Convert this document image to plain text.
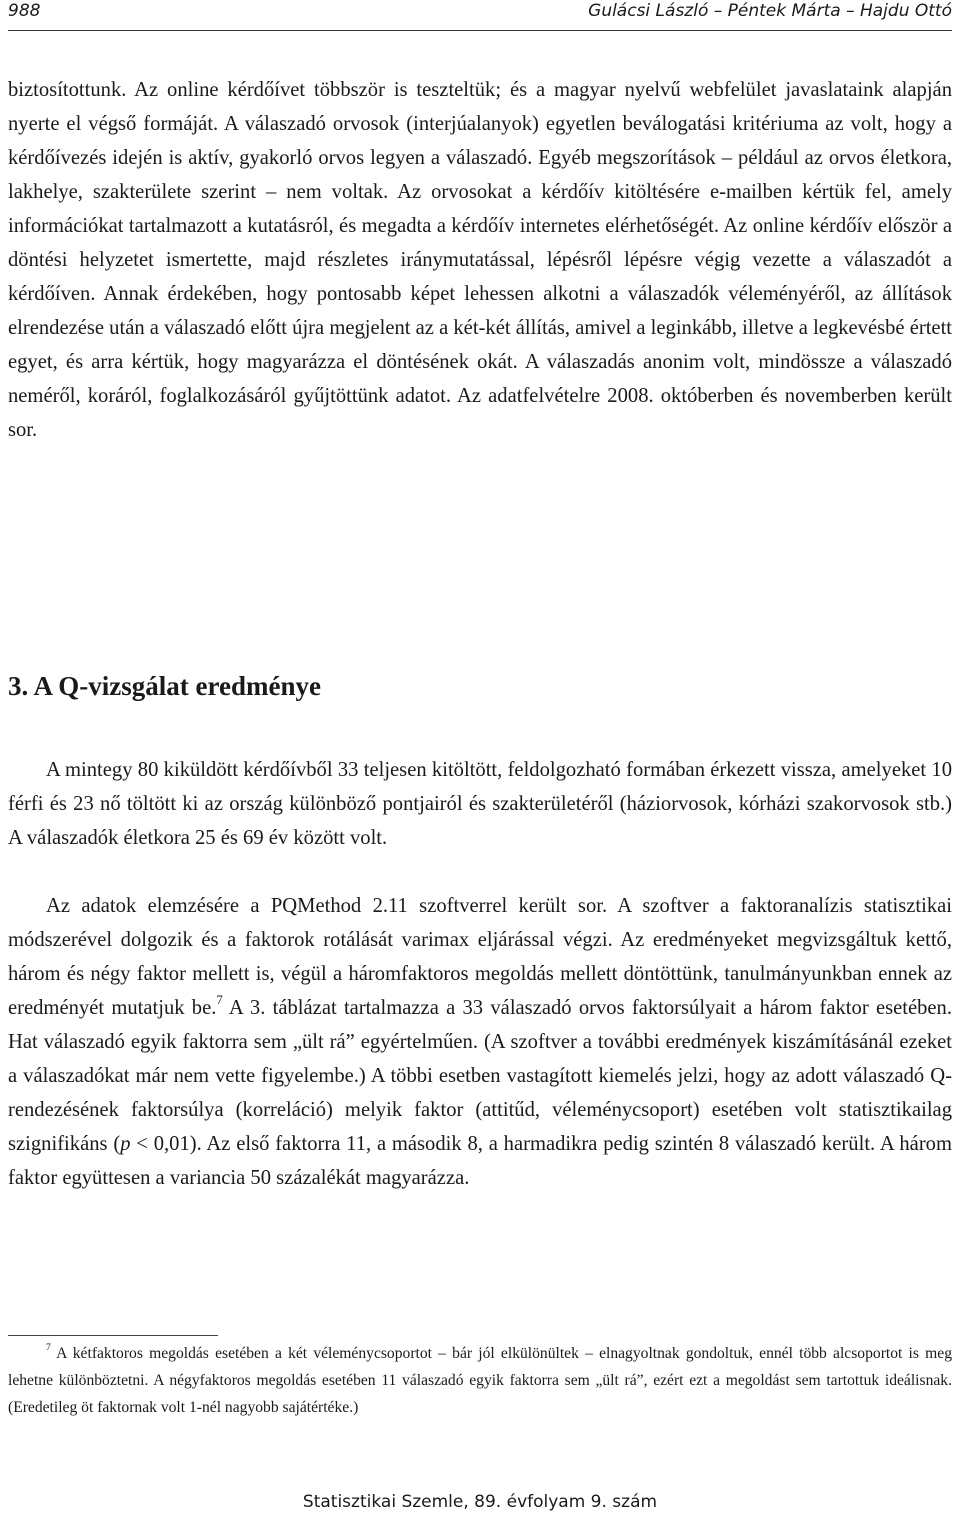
988	Gulácsi László – Péntek Márta – Hajdu Ottó

biztosítottunk. Az online kérdőívet többször is teszteltük; és a magyar nyelvű webfelület javaslataink alapján nyerte el végső formáját. A válaszadó orvosok (interjúalanyok) egyetlen beválogatási kritériuma az volt, hogy a kérdőívezés idején is aktív, gyakorló orvos legyen a válaszadó. Egyéb megszorítások – például az orvos életkora, lakhelye, szakterülete szerint – nem voltak. Az orvosokat a kérdőív kitöltésére e-mailben kértük fel, amely információkat tartalmazott a kutatásról, és megadta a kérdőív internetes elérhetőségét. Az online kérdőív először a döntési helyzetet ismertette, majd részletes iránymutatással, lépésről lépésre végig vezette a válaszadót a kérdőíven. Annak érdekében, hogy pontosabb képet lehessen alkotni a válaszadók véleményéről, az állítások elrendezése után a válaszadó előtt újra megjelent az a két-két állítás, amivel a leginkább, illetve a legkevésbé értett egyet, és arra kértük, hogy magyarázza el döntésének okát. A válaszadás anonim volt, mindössze a válaszadó neméről, koráról, foglalkozásáról gyűjtöttünk adatot. Az adatfelvételre 2008. októberben és novemberben került sor.

3. A Q-vizsgálat eredménye

A mintegy 80 kiküldött kérdőívből 33 teljesen kitöltött, feldolgozható formában érkezett vissza, amelyeket 10 férfi és 23 nő töltött ki az ország különböző pontjairól és szakterületéről (háziorvosok, kórházi szakorvosok stb.) A válaszadók életkora 25 és 69 év között volt.

Az adatok elemzésére a PQMethod 2.11 szoftverrel került sor. A szoftver a faktoranalízis statisztikai módszerével dolgozik és a faktorok rotálását varimax eljárással végzi. Az eredményeket megvizsgáltuk kettő, három és négy faktor mellett is, végül a háromfaktoros megoldás mellett döntöttünk, tanulmányunkban ennek az eredményét mutatjuk be.$^7$ A 3. táblázat tartalmazza a 33 válaszadó orvos faktorsúlyait a három faktor esetében. Hat válaszadó egyik faktorra sem „ült rá” egyértelműen. (A szoftver a további eredmények kiszámításánál ezeket a válaszadókat már nem vette figyelembe.) A többi esetben vastagított kiemelés jelzi, hogy az adott válaszadó Q-rendezésének faktorsúlya (korreláció) melyik faktor (attitűd, véleménycsoport) esetében volt statisztikailag szignifikáns (p < 0,01). Az első faktorra 11, a második 8, a harmadikra pedig szintén 8 válaszadó került. A három faktor együttesen a variancia 50 százalékát magyarázza.

$^7$ A kétfaktoros megoldás esetében a két véleménycsoportot – bár jól elkülönültek – elnagyoltnak gondoltuk, ennél több alcsoportot is meg lehetne különböztetni. A négyfaktoros megoldás esetében 11 válaszadó egyik faktorra sem „ült rá”, ezért ezt a megoldást sem tartottuk ideálisnak. (Eredetileg öt faktornak volt 1-nél nagyobb sajátértéke.)

Statisztikai Szemle, 89. évfolyam 9. szám
